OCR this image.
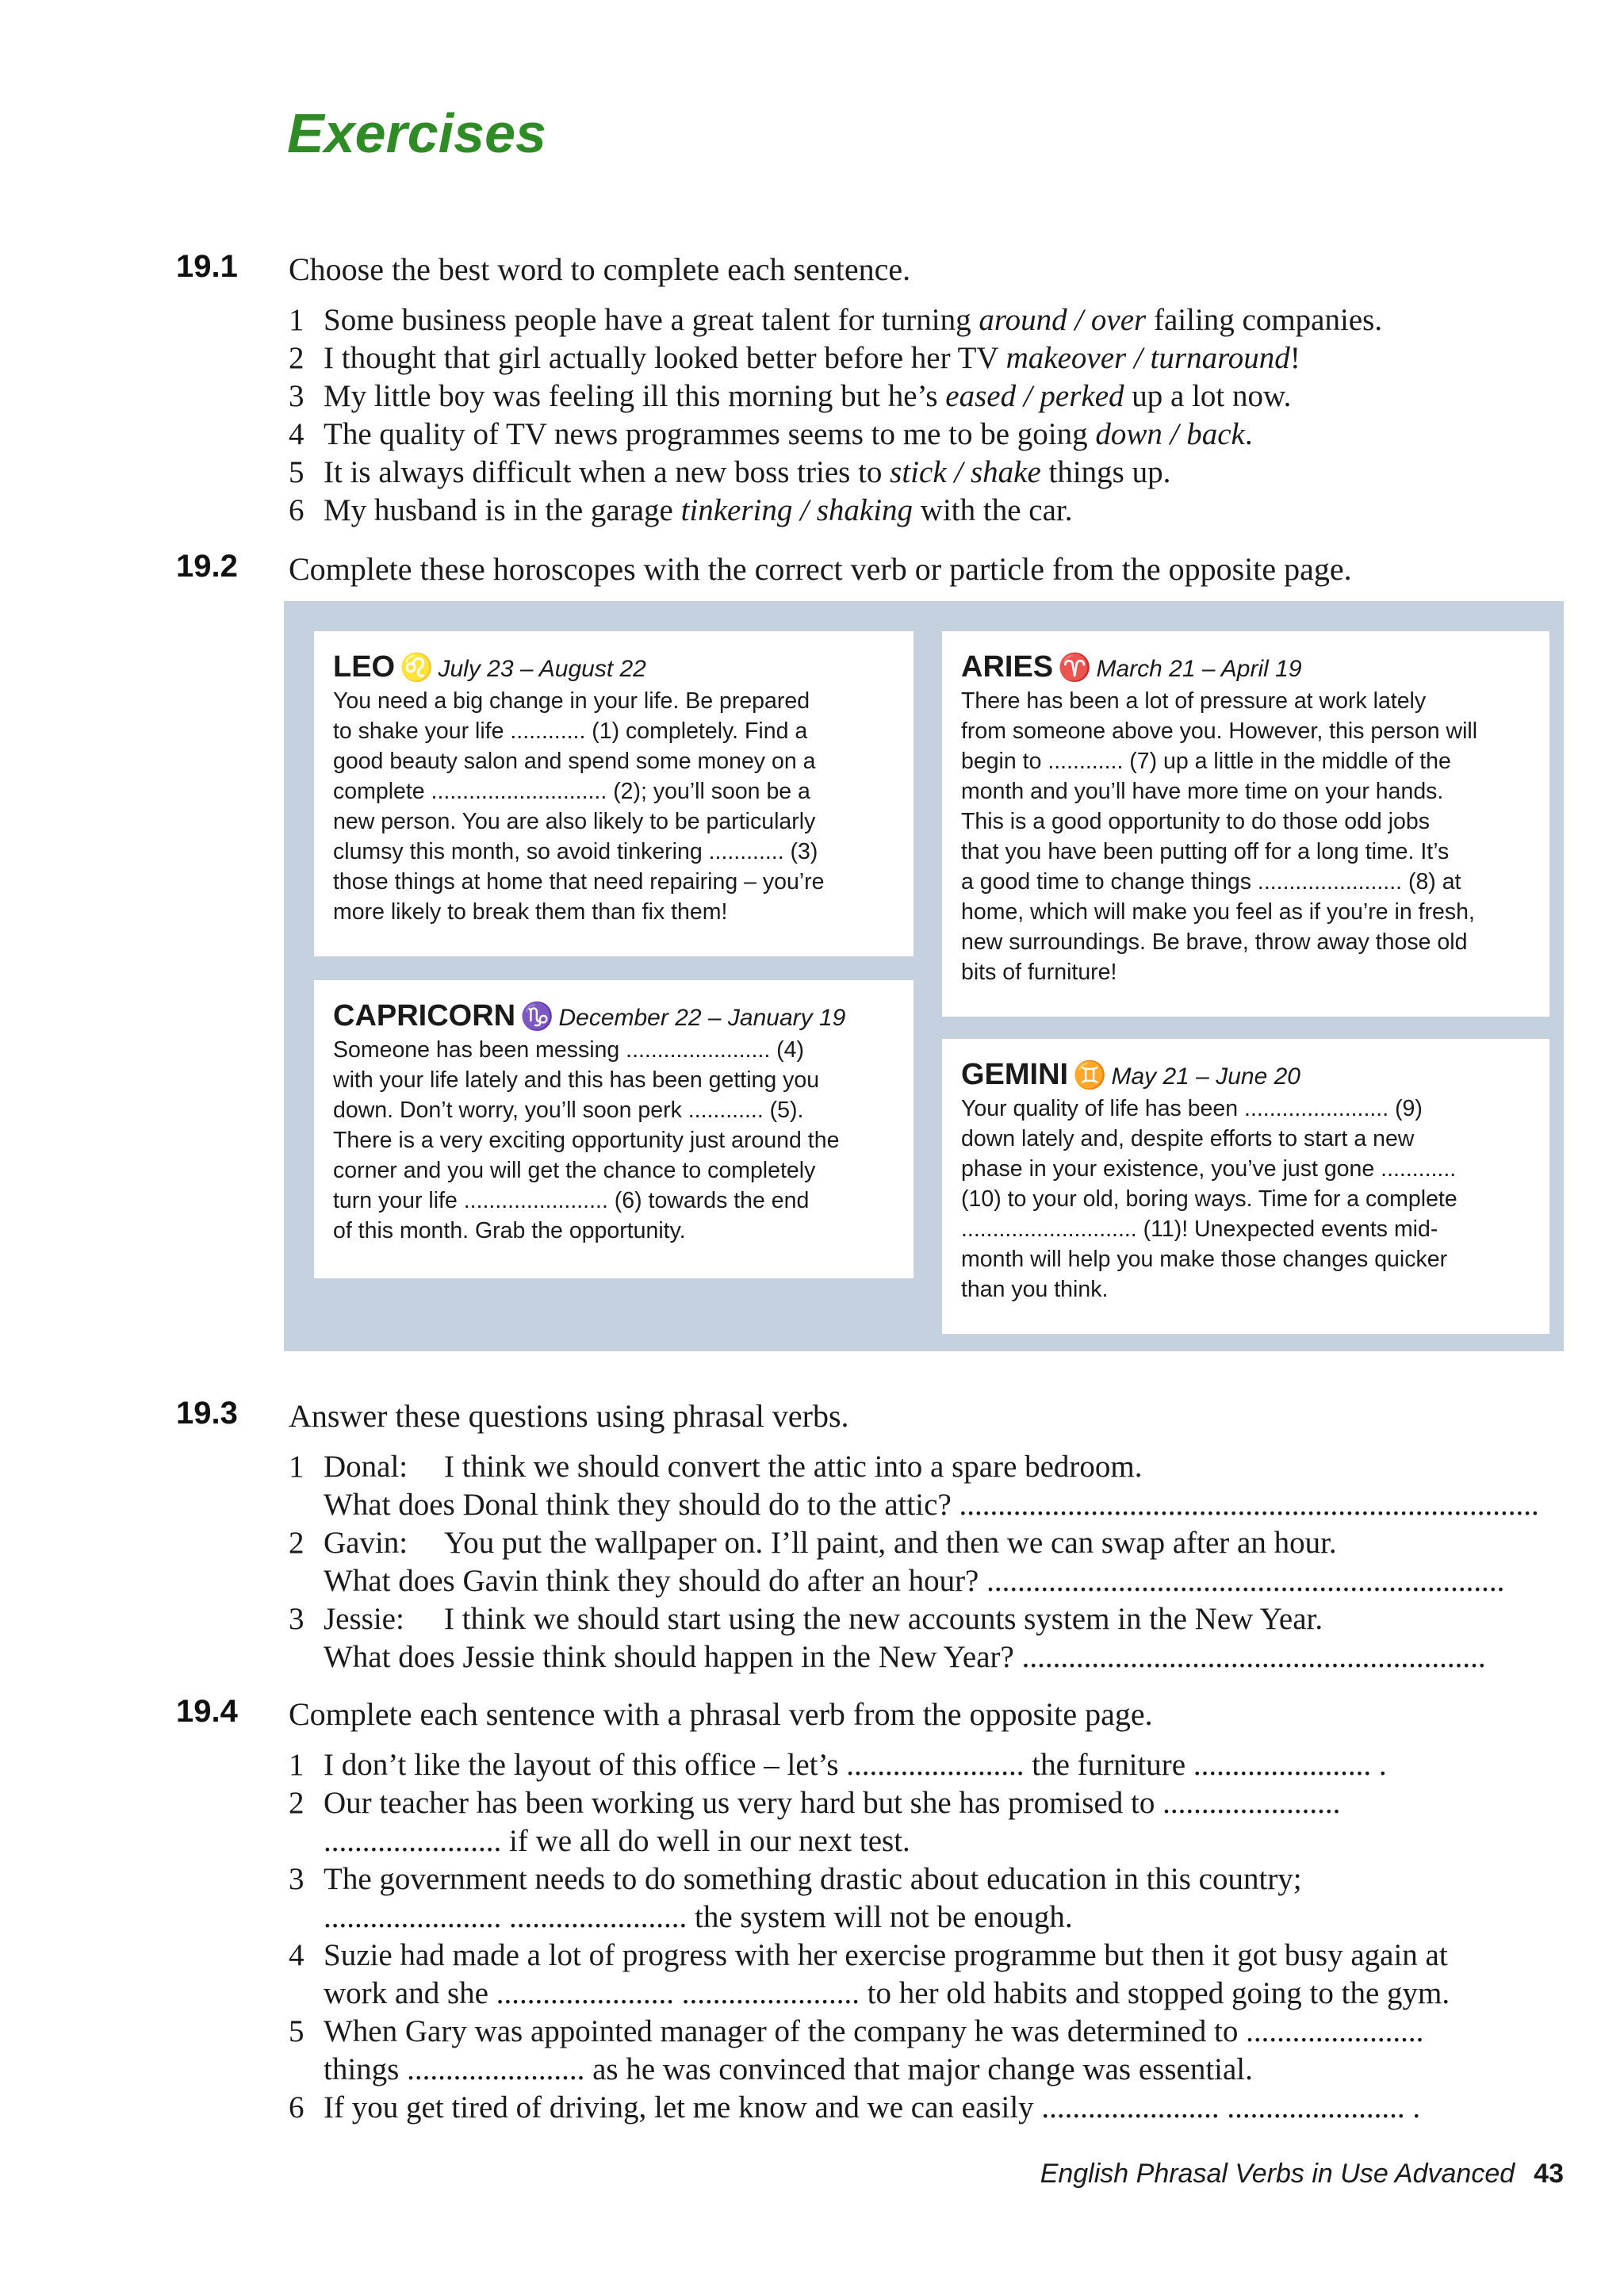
Exercises
19.1 Choose the best word to complete each sentence.
1 Some business people have a great talent for turning around / over failing companies.
2 I thought that girl actually looked better before her TV makeover / turnaround!
3 My little boy was feeling ill this morning but he’s eased / perked up a lot now.
4 The quality of TV news programmes seems to me to be going down / back.
5 It is always difficult when a new boss tries to stick / shake things up.
6 My husband is in the garage tinkering / shaking with the car.
19.2 Complete these horoscopes with the correct verb or particle from the opposite page.
LEO ♌ July 23 – August 22
You need a big change in your life. Be prepared
to shake your life ............ (1) completely. Find a
good beauty salon and spend some money on a
complete ............................ (2); you’ll soon be a
new person. You are also likely to be particularly
clumsy this month, so avoid tinkering ............ (3)
those things at home that need repairing – you’re
more likely to break them than fix them!
ARIES ♈ March 21 – April 19
There has been a lot of pressure at work lately
from someone above you. However, this person will
begin to ............ (7) up a little in the middle of the
month and you’ll have more time on your hands.
This is a good opportunity to do those odd jobs
that you have been putting off for a long time. It’s
a good time to change things ....................... (8) at
home, which will make you feel as if you’re in fresh,
new surroundings. Be brave, throw away those old
bits of furniture!
CAPRICORN ♑ December 22 – January 19
Someone has been messing ....................... (4)
with your life lately and this has been getting you
down. Don’t worry, you’ll soon perk ............ (5).
There is a very exciting opportunity just around the
corner and you will get the chance to completely
turn your life ....................... (6) towards the end
of this month. Grab the opportunity.
GEMINI ♊ May 21 – June 20
Your quality of life has been ....................... (9)
down lately and, despite efforts to start a new
phase in your existence, you’ve just gone ............
(10) to your old, boring ways. Time for a complete
............................ (11)! Unexpected events mid-
month will help you make those changes quicker
than you think.
19.3 Answer these questions using phrasal verbs.
1 Donal: I think we should convert the attic into a spare bedroom.
What does Donal think they should do to the attic? ...........................................................................
2 Gavin: You put the wallpaper on. I’ll paint, and then we can swap after an hour.
What does Gavin think they should do after an hour? ...................................................................
3 Jessie: I think we should start using the new accounts system in the New Year.
What does Jessie think should happen in the New Year? ............................................................
19.4 Complete each sentence with a phrasal verb from the opposite page.
1 I don’t like the layout of this office – let’s ....................... the furniture ....................... .
2 Our teacher has been working us very hard but she has promised to .......................
....................... if we all do well in our next test.
3 The government needs to do something drastic about education in this country;
....................... ....................... the system will not be enough.
4 Suzie had made a lot of progress with her exercise programme but then it got busy again at
work and she ....................... ....................... to her old habits and stopped going to the gym.
5 When Gary was appointed manager of the company he was determined to .......................
things ....................... as he was convinced that major change was essential.
6 If you get tired of driving, let me know and we can easily ....................... ....................... .
English Phrasal Verbs in Use Advanced 43
